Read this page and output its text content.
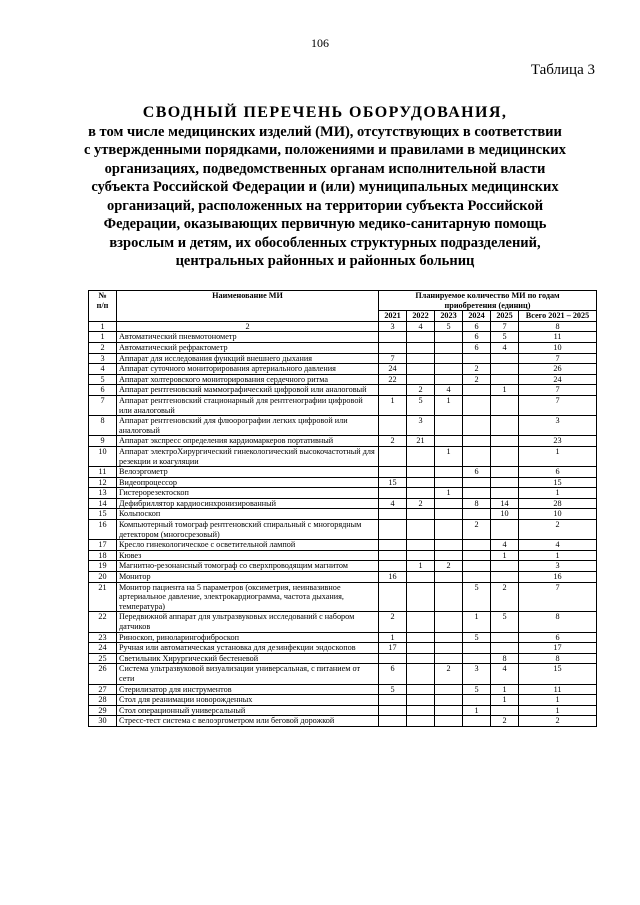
106
Таблица 3
СВОДНЫЙ ПЕРЕЧЕНЬ ОБОРУДОВАНИЯ,
в том числе медицинских изделий (МИ), отсутствующих в соответствии
с утвержденными порядками, положениями и правилами в медицинских
организациях, подведомственных органам исполнительной власти
субъекта Российской Федерации и (или) муниципальных медицинских
организаций, расположенных на территории субъекта Российской
Федерации, оказывающих первичную медико-санитарную помощь
взрослым и детям, их обособленных структурных подразделений,
центральных районных и районных больниц
№
п/п	Наименование МИ	Планируемое количество МИ по годам
приобретения (единиц)					
		2021	2022	2023	2024	2025	Всего 2021 – 2025
1	2	3	4	5	6	7	8
1	Автоматический пневмотонометр				6	5	11
2	Автоматический рефрактометр				6	4	10
3	Аппарат для исследования функций внешнего дыхания	7					7
4	Аппарат суточного мониторирования артериального давления	24			2		26
5	Аппарат холтеровского мониторирования сердечного ритма	22			2		24
6	Аппарат рентгеновский маммографический цифровой или аналоговый		2	4		1	7
7	Аппарат рентгеновский стационарный для рентгенографии цифровой или аналоговый	1	5	1			7
8	Аппарат рентгеновский для флюорографии легких цифровой или аналоговый		3				3
9	Аппарат экспресс определения кардиомаркеров портативный	2	21				23
10	Аппарат электроХирургический гинекологический высокочастотный для резекции и коагуляции			1			1
11	Велоэргометр				6		6
12	Видеопроцессор	15					15
13	Гистерорезектоскоп			1			1
14	Дефибриллятор кардиосинхронизированный	4	2		8	14	28
15	Кольпоскоп					10	10
16	Компьютерный томограф рентгеновский спиральный с многорядным детектором (многосрезовый)				2		2
17	Кресло гинекологическое с осветительной лампой					4	4
18	Кювез					1	1
19	Магнитно-резонансный томограф со сверхпроводящим магнитом		1	2			3
20	Монитор	16					16
21	Монитор пациента на 5 параметров (оксиметрия, неинвазивное артериальное давление, электрокардиограмма, частота дыхания, температура)				5	2	7
22	Передвижной аппарат для ультразвуковых исследований с набором датчиков	2			1	5	8
23	Риноскоп, риноларингофиброскоп	1			5		6
24	Ручная или автоматическая установка для дезинфекции эндоскопов	17					17
25	Светильник Хирургический бестеневой					8	8
26	Система ультразвуковой визуализации универсальная, с питанием от сети	6		2	3	4	15
27	Стерилизатор для инструментов	5			5	1	11
28	Стол для реанимации новорожденных					1	1
29	Стол операционный универсальный				1		1
30	Стресс-тест система с велоэргометром или беговой дорожкой					2	2
